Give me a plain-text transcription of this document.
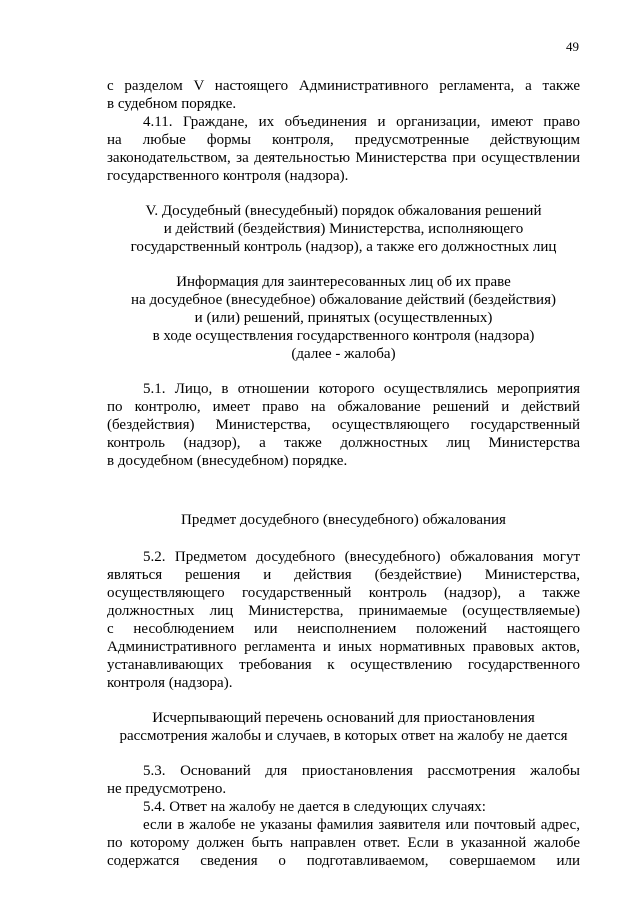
49

с разделом V настоящего Административного регламента, а также

в судебном порядке.

4.11. Граждане, их объединения и организации, имеют право

на любые формы контроля, предусмотренные действующим

законодательством, за деятельностью Министерства при осуществлении

государственного контроля (надзора).

V. Досудебный (внесудебный) порядок обжалования решений

и действий (бездействия) Министерства, исполняющего

государственный контроль (надзор), а также его должностных лиц

Информация для заинтересованных лиц об их праве

на досудебное (внесудебное) обжалование действий (бездействия)

и (или) решений, принятых (осуществленных)

в ходе осуществления государственного контроля (надзора)

(далее - жалоба)

5.1. Лицо, в отношении которого осуществлялись мероприятия

по контролю, имеет право на обжалование решений и действий

(бездействия) Министерства, осуществляющего государственный

контроль (надзор), а также должностных лиц Министерства

в досудебном (внесудебном) порядке.

Предмет досудебного (внесудебного) обжалования

5.2. Предметом досудебного (внесудебного) обжалования могут

являться решения и действия (бездействие) Министерства,

осуществляющего государственный контроль (надзор), а также

должностных лиц Министерства, принимаемые (осуществляемые)

с несоблюдением или неисполнением положений настоящего

Административного регламента и иных нормативных правовых актов,

устанавливающих требования к осуществлению государственного

контроля (надзора).

Исчерпывающий перечень оснований для приостановления

рассмотрения жалобы и случаев, в которых ответ на жалобу не дается

5.3. Оснований для приостановления рассмотрения жалобы

не предусмотрено.

5.4. Ответ на жалобу не дается в следующих случаях:

если в жалобе не указаны фамилия заявителя или почтовый адрес,

по которому должен быть направлен ответ. Если в указанной жалобе

содержатся сведения о подготавливаемом, совершаемом или
